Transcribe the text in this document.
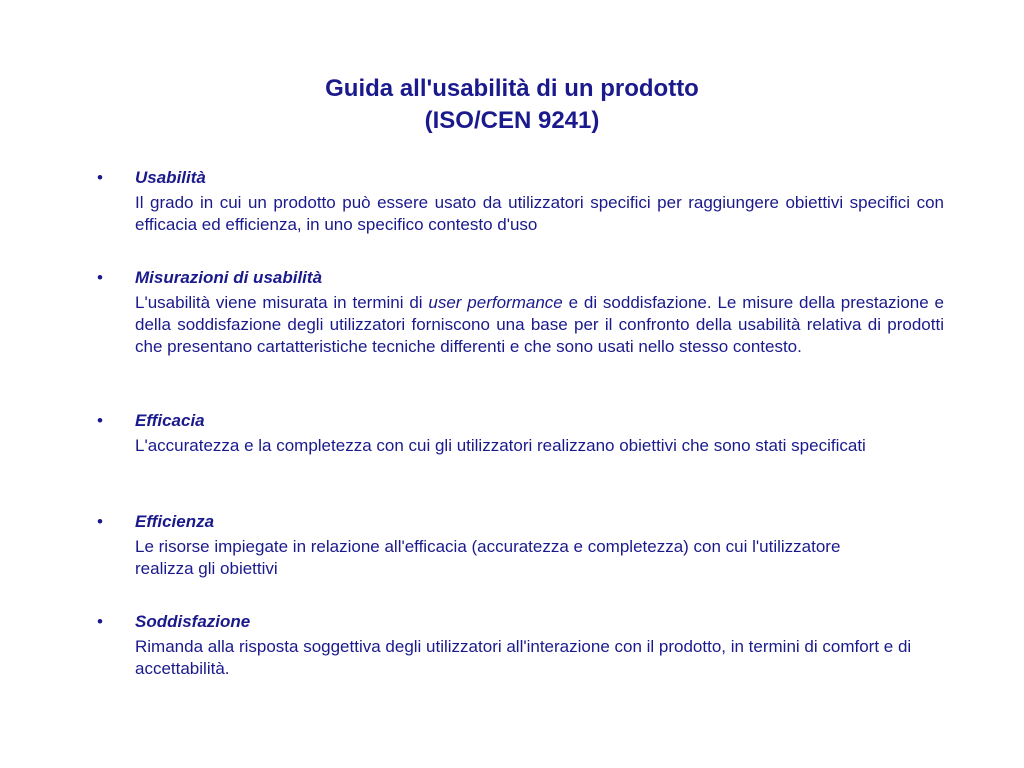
Guida all'usabilità di un prodotto
(ISO/CEN 9241)
• Usabilità
Il grado in cui un prodotto può essere usato da utilizzatori specifici per raggiungere obiettivi specifici con efficacia ed efficienza, in uno specifico contesto d'uso
• Misurazioni di usabilità
L'usabilità viene misurata in termini di user performance e di soddisfazione. Le misure della prestazione e della soddisfazione degli utilizzatori forniscono una base per il confronto della usabilità relativa di prodotti che presentano cartatteristiche tecniche differenti e che sono usati nello stesso contesto.
• Efficacia
L'accuratezza e la completezza con cui gli utilizzatori realizzano obiettivi che sono stati specificati
• Efficienza
Le risorse impiegate in relazione all'efficacia (accuratezza e completezza) con cui l'utilizzatore realizza gli obiettivi
• Soddisfazione
Rimanda alla risposta soggettiva degli utilizzatori all'interazione con il prodotto, in termini di comfort e di accettabilità.
